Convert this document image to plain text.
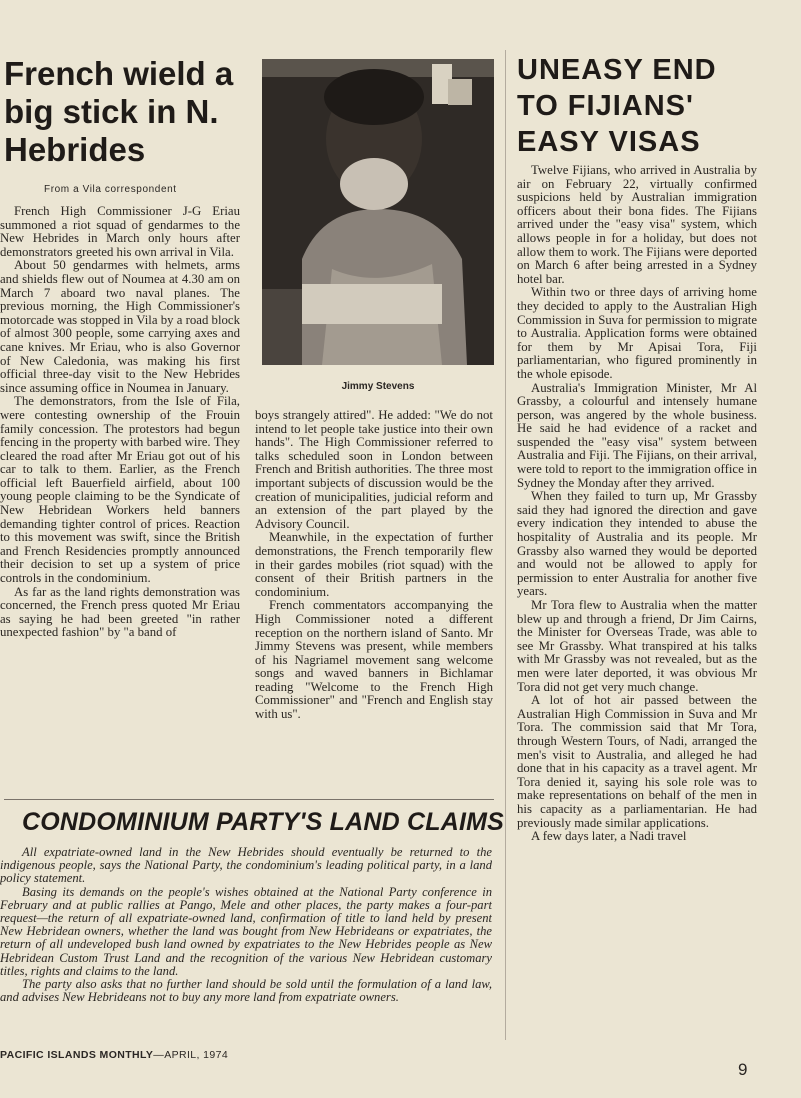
French wield a big stick in N. Hebrides

From a Vila correspondent

French High Commissioner J-G Eriau summoned a riot squad of gendarmes to the New Hebrides in March only hours after demonstrators greeted his own arrival in Vila.

About 50 gendarmes with helmets, arms and shields flew out of Noumea at 4.30 am on March 7 aboard two naval planes. The previous morning, the High Commissioner's motorcade was stopped in Vila by a road block of almost 300 people, some carrying axes and cane knives. Mr Eriau, who is also Governor of New Caledonia, was making his first official three-day visit to the New Hebrides since assuming office in Noumea in January.

The demonstrators, from the Isle of Fila, were contesting ownership of the Frouin family concession. The protestors had begun fencing in the property with barbed wire. They cleared the road after Mr Eriau got out of his car to talk to them. Earlier, as the French official left Bauerfield airfield, about 100 young people claiming to be the Syndicate of New Hebridean Workers held banners demanding tighter control of prices. Reaction to this movement was swift, since the British and French Residencies promptly announced their decision to set up a system of price controls in the condominium.

As far as the land rights demonstration was concerned, the French press quoted Mr Eriau as saying he had been greeted "in rather unexpected fashion" by "a band of

Jimmy Stevens

boys strangely attired". He added: "We do not intend to let people take justice into their own hands". The High Commissioner referred to talks scheduled soon in London between French and British authorities. The three most important subjects of discussion would be the creation of municipalities, judicial reform and an extension of the part played by the Advisory Council.

Meanwhile, in the expectation of further demonstrations, the French temporarily flew in their gardes mobiles (riot squad) with the consent of their British partners in the condominium.

French commentators accompanying the High Commissioner noted a different reception on the northern island of Santo. Mr Jimmy Stevens was present, while members of his Nagriamel movement sang welcome songs and waved banners in Bichlamar reading "Welcome to the French High Commissioner" and "French and English stay with us".

UNEASY END TO FIJIANS' EASY VISAS

Twelve Fijians, who arrived in Australia by air on February 22, virtually confirmed suspicions held by Australian immigration officers about their bona fides. The Fijians arrived under the "easy visa" system, which allows people in for a holiday, but does not allow them to work. The Fijians were deported on March 6 after being arrested in a Sydney hotel bar.

Within two or three days of arriving home they decided to apply to the Australian High Commission in Suva for permission to migrate to Australia. Application forms were obtained for them by Mr Apisai Tora, Fiji parliamentarian, who figured prominently in the whole episode.

Australia's Immigration Minister, Mr Al Grassby, a colourful and intensely humane person, was angered by the whole business. He said he had evidence of a racket and suspended the "easy visa" system between Australia and Fiji. The Fijians, on their arrival, were told to report to the immigration office in Sydney the Monday after they arrived.

When they failed to turn up, Mr Grassby said they had ignored the direction and gave every indication they intended to abuse the hospitality of Australia and its people. Mr Grassby also warned they would be deported and would not be allowed to apply for permission to enter Australia for another five years.

Mr Tora flew to Australia when the matter blew up and through a friend, Dr Jim Cairns, the Minister for Overseas Trade, was able to see Mr Grassby. What transpired at his talks with Mr Grassby was not revealed, but as the men were later deported, it was obvious Mr Tora did not get very much change.

A lot of hot air passed between the Australian High Commission in Suva and Mr Tora. The commission said that Mr Tora, through Western Tours, of Nadi, arranged the men's visit to Australia, and alleged he had done that in his capacity as a travel agent. Mr Tora denied it, saying his sole role was to make representations on behalf of the men in his capacity as a parliamentarian. He had previously made similar applications.

A few days later, a Nadi travel

CONDOMINIUM PARTY'S LAND CLAIMS

All expatriate-owned land in the New Hebrides should eventually be returned to the indigenous people, says the National Party, the condominium's leading political party, in a land policy statement.

Basing its demands on the people's wishes obtained at the National Party conference in February and at public rallies at Pango, Mele and other places, the party makes a four-part request—the return of all expatriate-owned land, confirmation of title to land held by present New Hebridean owners, whether the land was bought from New Hebrideans or expatriates, the return of all undeveloped bush land owned by expatriates to the New Hebrides people as New Hebridean Custom Trust Land and the recognition of the various New Hebridean customary titles, rights and claims to the land.

The party also asks that no further land should be sold until the formulation of a land law, and advises New Hebrideans not to buy any more land from expatriate owners.

PACIFIC ISLANDS MONTHLY—APRIL, 1974

9
